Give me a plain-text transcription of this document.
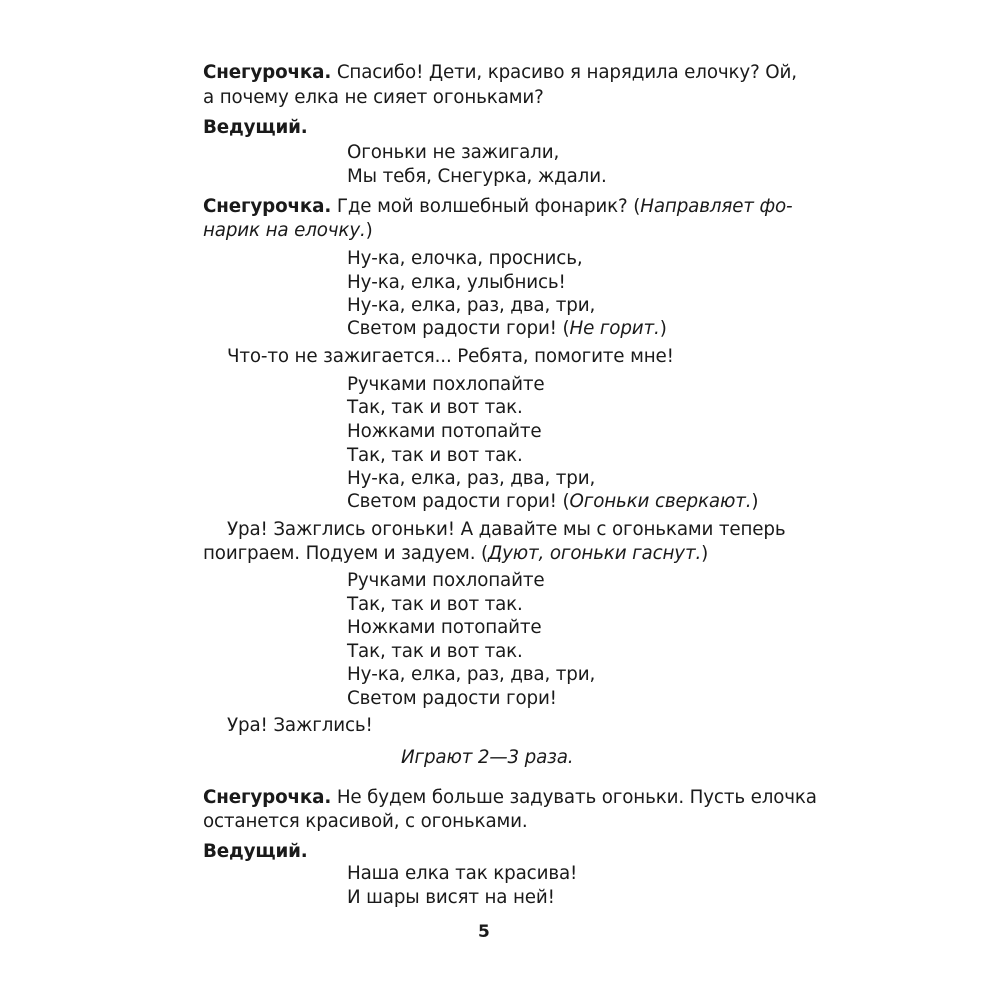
Снегурочка. Спасибо! Дети, красиво я нарядила елочку? Ой,
а почему елка не сияет огоньками?
Ведущий.
Огоньки не зажигали,
Мы тебя, Снегурка, ждали.
Снегурочка. Где мой волшебный фонарик? (Направляет фо-
нарик на елочку.)
Ну-ка, елочка, проснись,
Ну-ка, елка, улыбнись!
Ну-ка, елка, раз, два, три,
Светом радости гори! (Не горит.)
Что-то не зажигается... Ребята, помогите мне!
Ручками похлопайте
Так, так и вот так.
Ножками потопайте
Так, так и вот так.
Ну-ка, елка, раз, два, три,
Светом радости гори! (Огоньки сверкают.)
Ура! Зажглись огоньки! А давайте мы с огоньками теперь
поиграем. Подуем и задуем. (Дуют, огоньки гаснут.)
Ручками похлопайте
Так, так и вот так.
Ножками потопайте
Так, так и вот так.
Ну-ка, елка, раз, два, три,
Светом радости гори!
Ура! Зажглись!
Играют 2—3 раза.
Снегурочка. Не будем больше задувать огоньки. Пусть елочка
останется красивой, с огоньками.
Ведущий.
Наша елка так красива!
И шары висят на ней!
5
